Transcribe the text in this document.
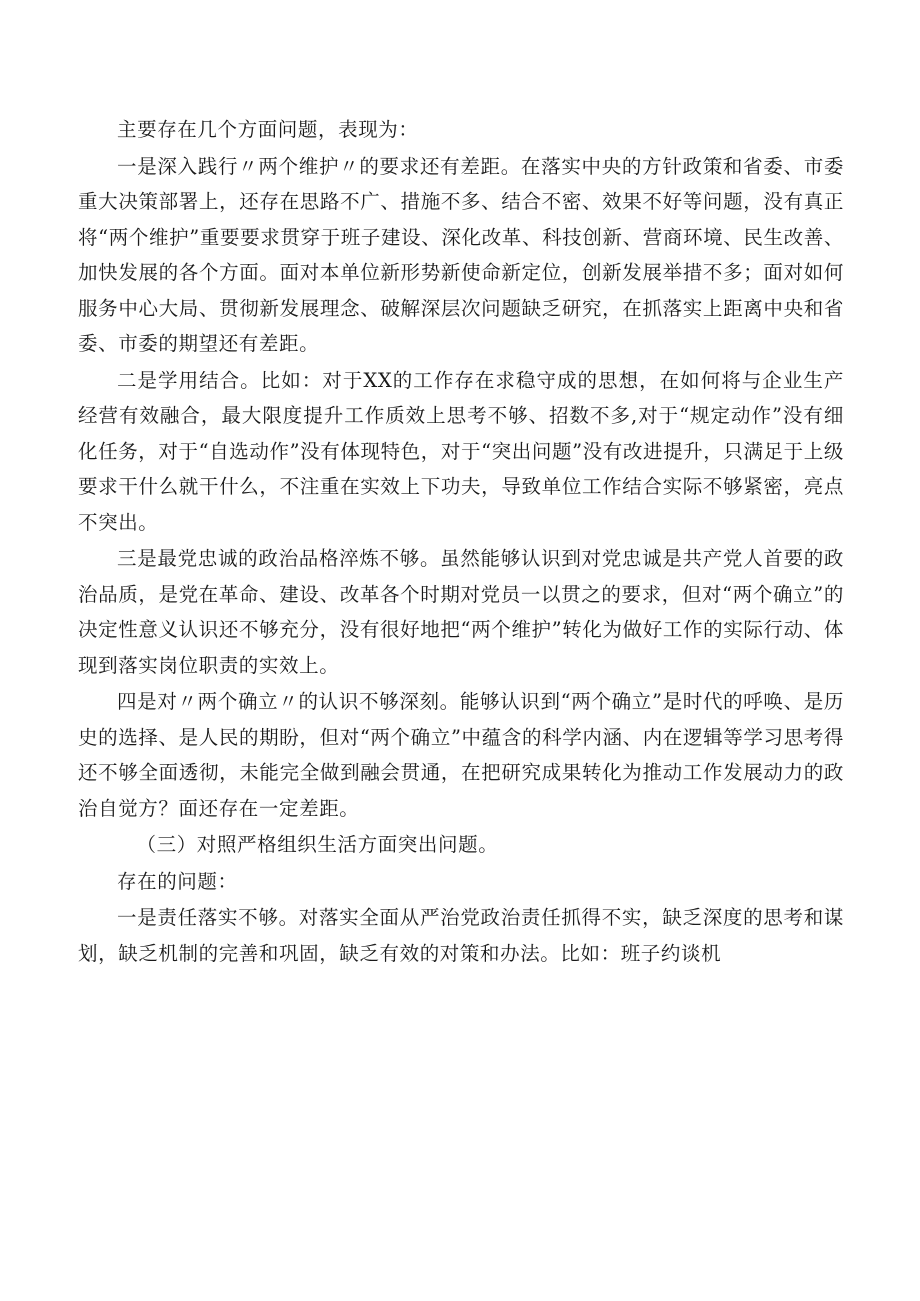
主要存在几个方面问题，表现为：

一是深入践行〃两个维护〃的要求还有差距。在落实中央的方针政策和省委、市委重大决策部署上，还存在思路不广、措施不多、结合不密、效果不好等问题，没有真正将“两个维护”重要要求贯穿于班子建设、深化改革、科技创新、营商环境、民生改善、加快发展的各个方面。面对本单位新形势新使命新定位，创新发展举措不多；面对如何服务中心大局、贯彻新发展理念、破解深层次问题缺乏研究，在抓落实上距离中央和省委、市委的期望还有差距。

二是学用结合。比如：对于XX的工作存在求稳守成的思想，在如何将与企业生产经营有效融合，最大限度提升工作质效上思考不够、招数不多,对于“规定动作”没有细化任务，对于“自选动作”没有体现特色，对于“突出问题”没有改进提升，只满足于上级要求干什么就干什么，不注重在实效上下功夫，导致单位工作结合实际不够紧密，亮点不突出。

三是最党忠诚的政治品格淬炼不够。虽然能够认识到对党忠诚是共产党人首要的政治品质，是党在革命、建设、改革各个时期对党员一以贯之的要求，但对“两个确立”的决定性意义认识还不够充分，没有很好地把“两个维护”转化为做好工作的实际行动、体现到落实岗位职责的实效上。

四是对〃两个确立〃的认识不够深刻。能够认识到“两个确立”是时代的呼唤、是历史的选择、是人民的期盼，但对“两个确立”中蕴含的科学内涵、内在逻辑等学习思考得还不够全面透彻，未能完全做到融会贯通，在把研究成果转化为推动工作发展动力的政治自觉方？面还存在一定差距。

（三）对照严格组织生活方面突出问题。

存在的问题：

一是责任落实不够。对落实全面从严治党政治责任抓得不实，缺乏深度的思考和谋划，缺乏机制的完善和巩固，缺乏有效的对策和办法。比如：班子约谈机
